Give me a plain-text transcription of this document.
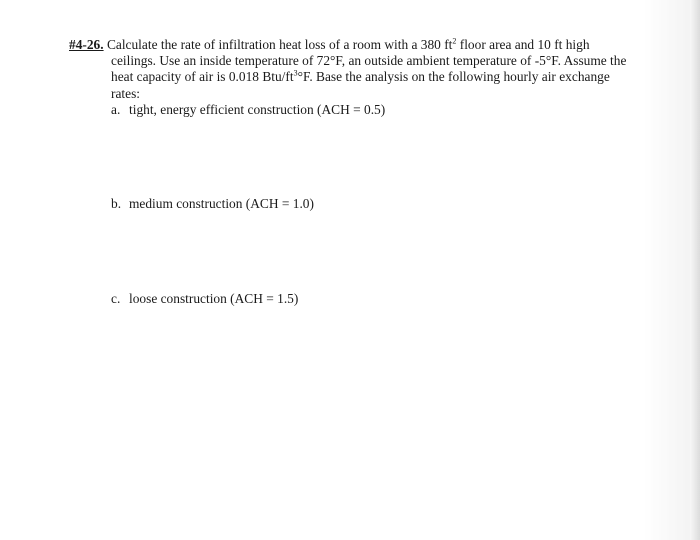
#4-26. Calculate the rate of infiltration heat loss of a room with a 380 $ft^2$ floor area and 10 ft high
ceilings. Use an inside temperature of 72°F, an outside ambient temperature of -5°F. Assume the
heat capacity of air is 0.018 Btu/$ft^3^\circ F$. Base the analysis on the following hourly air exchange
rates:
a. tight, energy efficient construction (ACH = 0.5)
b. medium construction (ACH = 1.0)
c. loose construction (ACH = 1.5)
